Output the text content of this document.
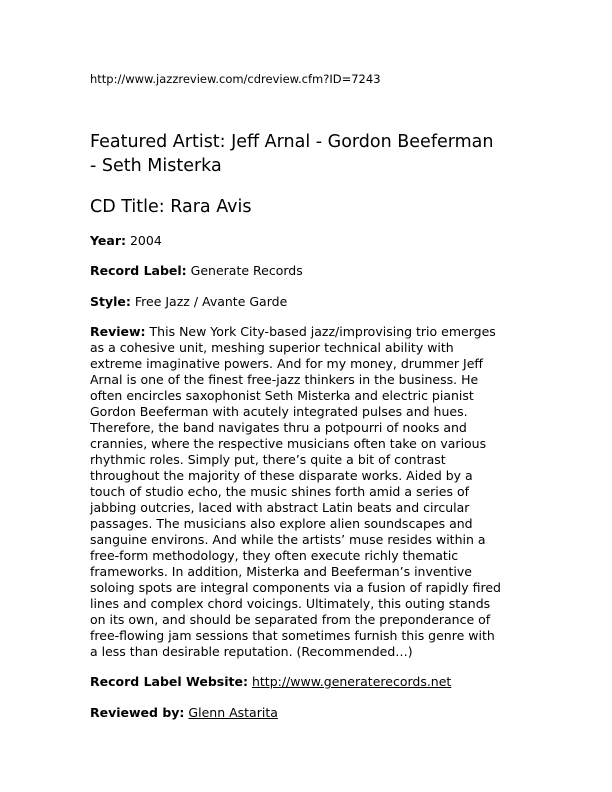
http://www.jazzreview.com/cdreview.cfm?ID=7243
Featured Artist: Jeff Arnal - Gordon Beeferman
- Seth Misterka
CD Title: Rara Avis
Year: 2004
Record Label: Generate Records
Style: Free Jazz / Avante Garde
Review: This New York City-based jazz/improvising trio emerges
as a cohesive unit, meshing superior technical ability with
extreme imaginative powers. And for my money, drummer Jeff
Arnal is one of the finest free-jazz thinkers in the business. He
often encircles saxophonist Seth Misterka and electric pianist
Gordon Beeferman with acutely integrated pulses and hues.
Therefore, the band navigates thru a potpourri of nooks and
crannies, where the respective musicians often take on various
rhythmic roles. Simply put, there’s quite a bit of contrast
throughout the majority of these disparate works. Aided by a
touch of studio echo, the music shines forth amid a series of
jabbing outcries, laced with abstract Latin beats and circular
passages. The musicians also explore alien soundscapes and
sanguine environs. And while the artists’ muse resides within a
free-form methodology, they often execute richly thematic
frameworks. In addition, Misterka and Beeferman’s inventive
soloing spots are integral components via a fusion of rapidly fired
lines and complex chord voicings. Ultimately, this outing stands
on its own, and should be separated from the preponderance of
free-flowing jam sessions that sometimes furnish this genre with
a less than desirable reputation. (Recommended…)
Record Label Website: http://www.generaterecords.net
Reviewed by: Glenn Astarita
